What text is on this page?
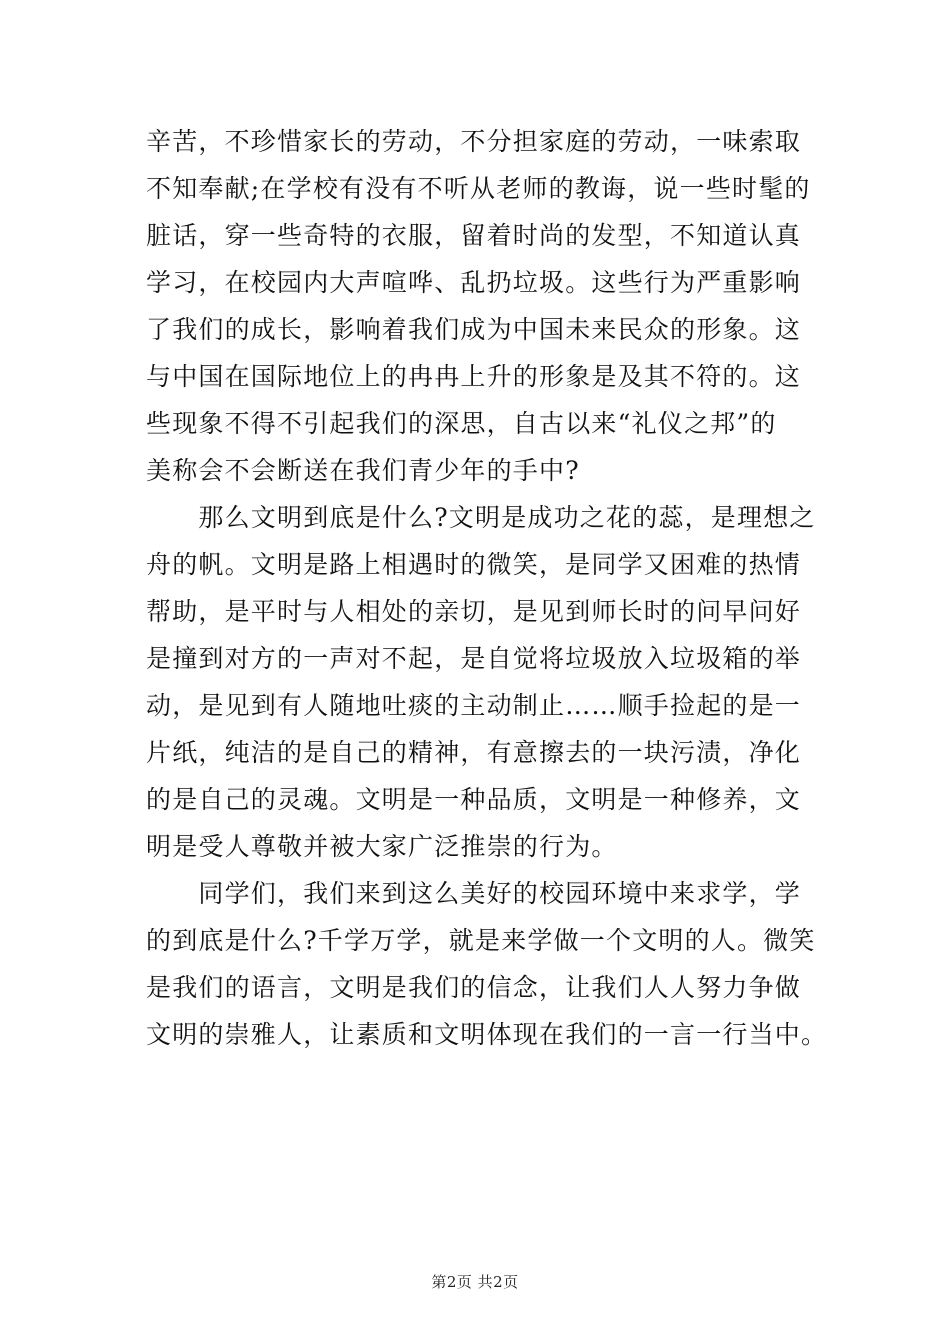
辛苦，不珍惜家长的劳动，不分担家庭的劳动，一味索取
不知奉献;在学校有没有不听从老师的教诲，说一些时髦的
脏话，穿一些奇特的衣服，留着时尚的发型，不知道认真
学习，在校园内大声喧哗、乱扔垃圾。这些行为严重影响
了我们的成长，影响着我们成为中国未来民众的形象。这
与中国在国际地位上的冉冉上升的形象是及其不符的。这
些现象不得不引起我们的深思，自古以来“礼仪之邦”的
美称会不会断送在我们青少年的手中?
　　那么文明到底是什么?文明是成功之花的蕊，是理想之
舟的帆。文明是路上相遇时的微笑，是同学又困难的热情
帮助，是平时与人相处的亲切，是见到师长时的问早问好
是撞到对方的一声对不起，是自觉将垃圾放入垃圾箱的举
动，是见到有人随地吐痰的主动制止……顺手捡起的是一
片纸，纯洁的是自己的精神，有意擦去的一块污渍，净化
的是自己的灵魂。文明是一种品质，文明是一种修养，文
明是受人尊敬并被大家广泛推崇的行为。
　　同学们，我们来到这么美好的校园环境中来求学，学
的到底是什么?千学万学，就是来学做一个文明的人。微笑
是我们的语言，文明是我们的信念，让我们人人努力争做
文明的崇雅人，让素质和文明体现在我们的一言一行当中。
第2页 共2页
